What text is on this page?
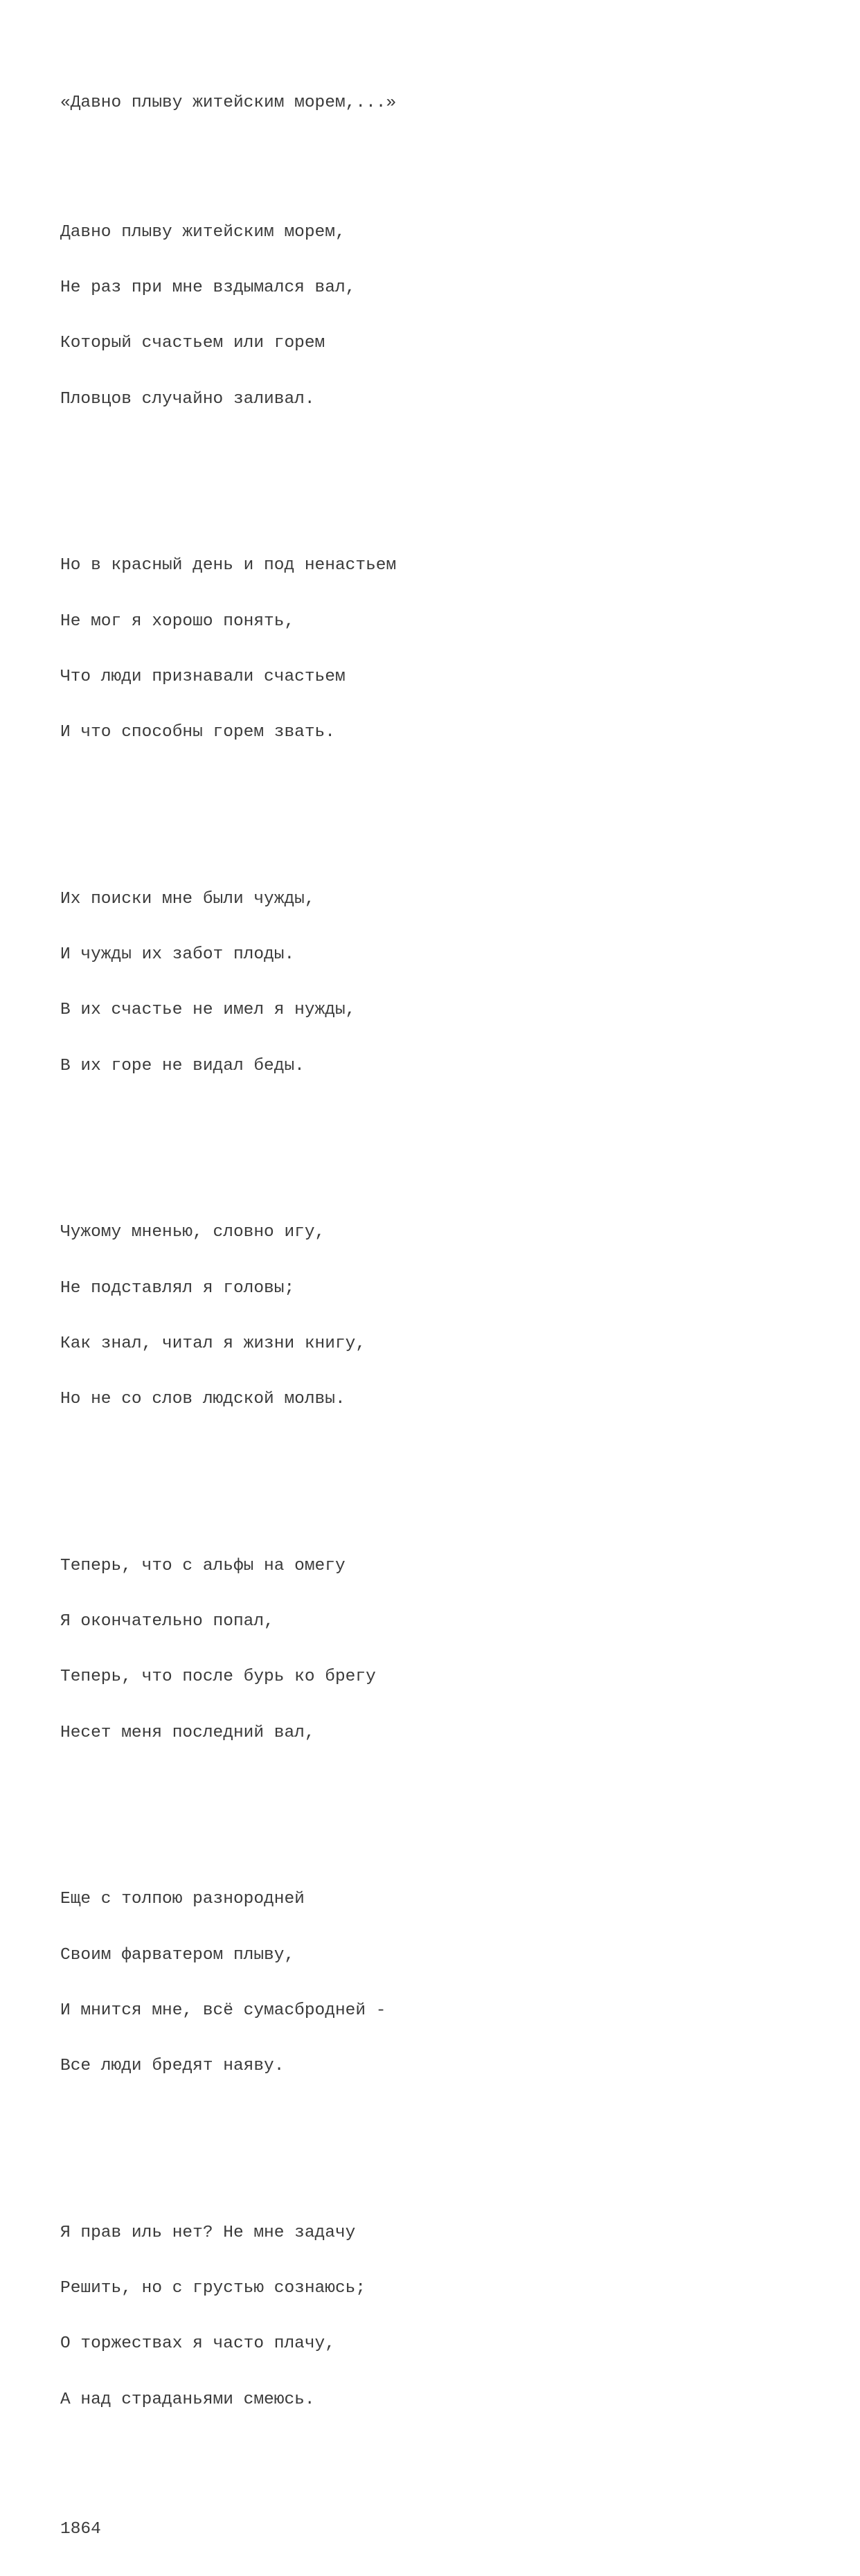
«Давно плыву житейским морем,...»

Давно плыву житейским морем,

Не раз при мне вздымался вал,

Который счастьем или горем

Пловцов случайно заливал.

Но в красный день и под ненастьем

Не мог я хорошо понять,

Что люди признавали счастьем

И что способны горем звать.

Их поиски мне были чужды,

И чужды их забот плоды.

В их счастье не имел я нужды,

В их горе не видал беды.

Чужому мненью, словно игу,

Не подставлял я головы;

Как знал, читал я жизни книгу,

Но не со слов людской молвы.

Теперь, что с альфы на омегу

Я окончательно попал,

Теперь, что после бурь ко брегу

Несет меня последний вал,

Еще с толпою разнородней

Своим фарватером плыву,

И мнится мне, всё сумасбродней -

Все люди бредят наяву.

Я прав иль нет? Не мне задачу

Решить, но с грустью сознаюсь;

О торжествах я часто плачу,

А над страданьями смеюсь.

1864
